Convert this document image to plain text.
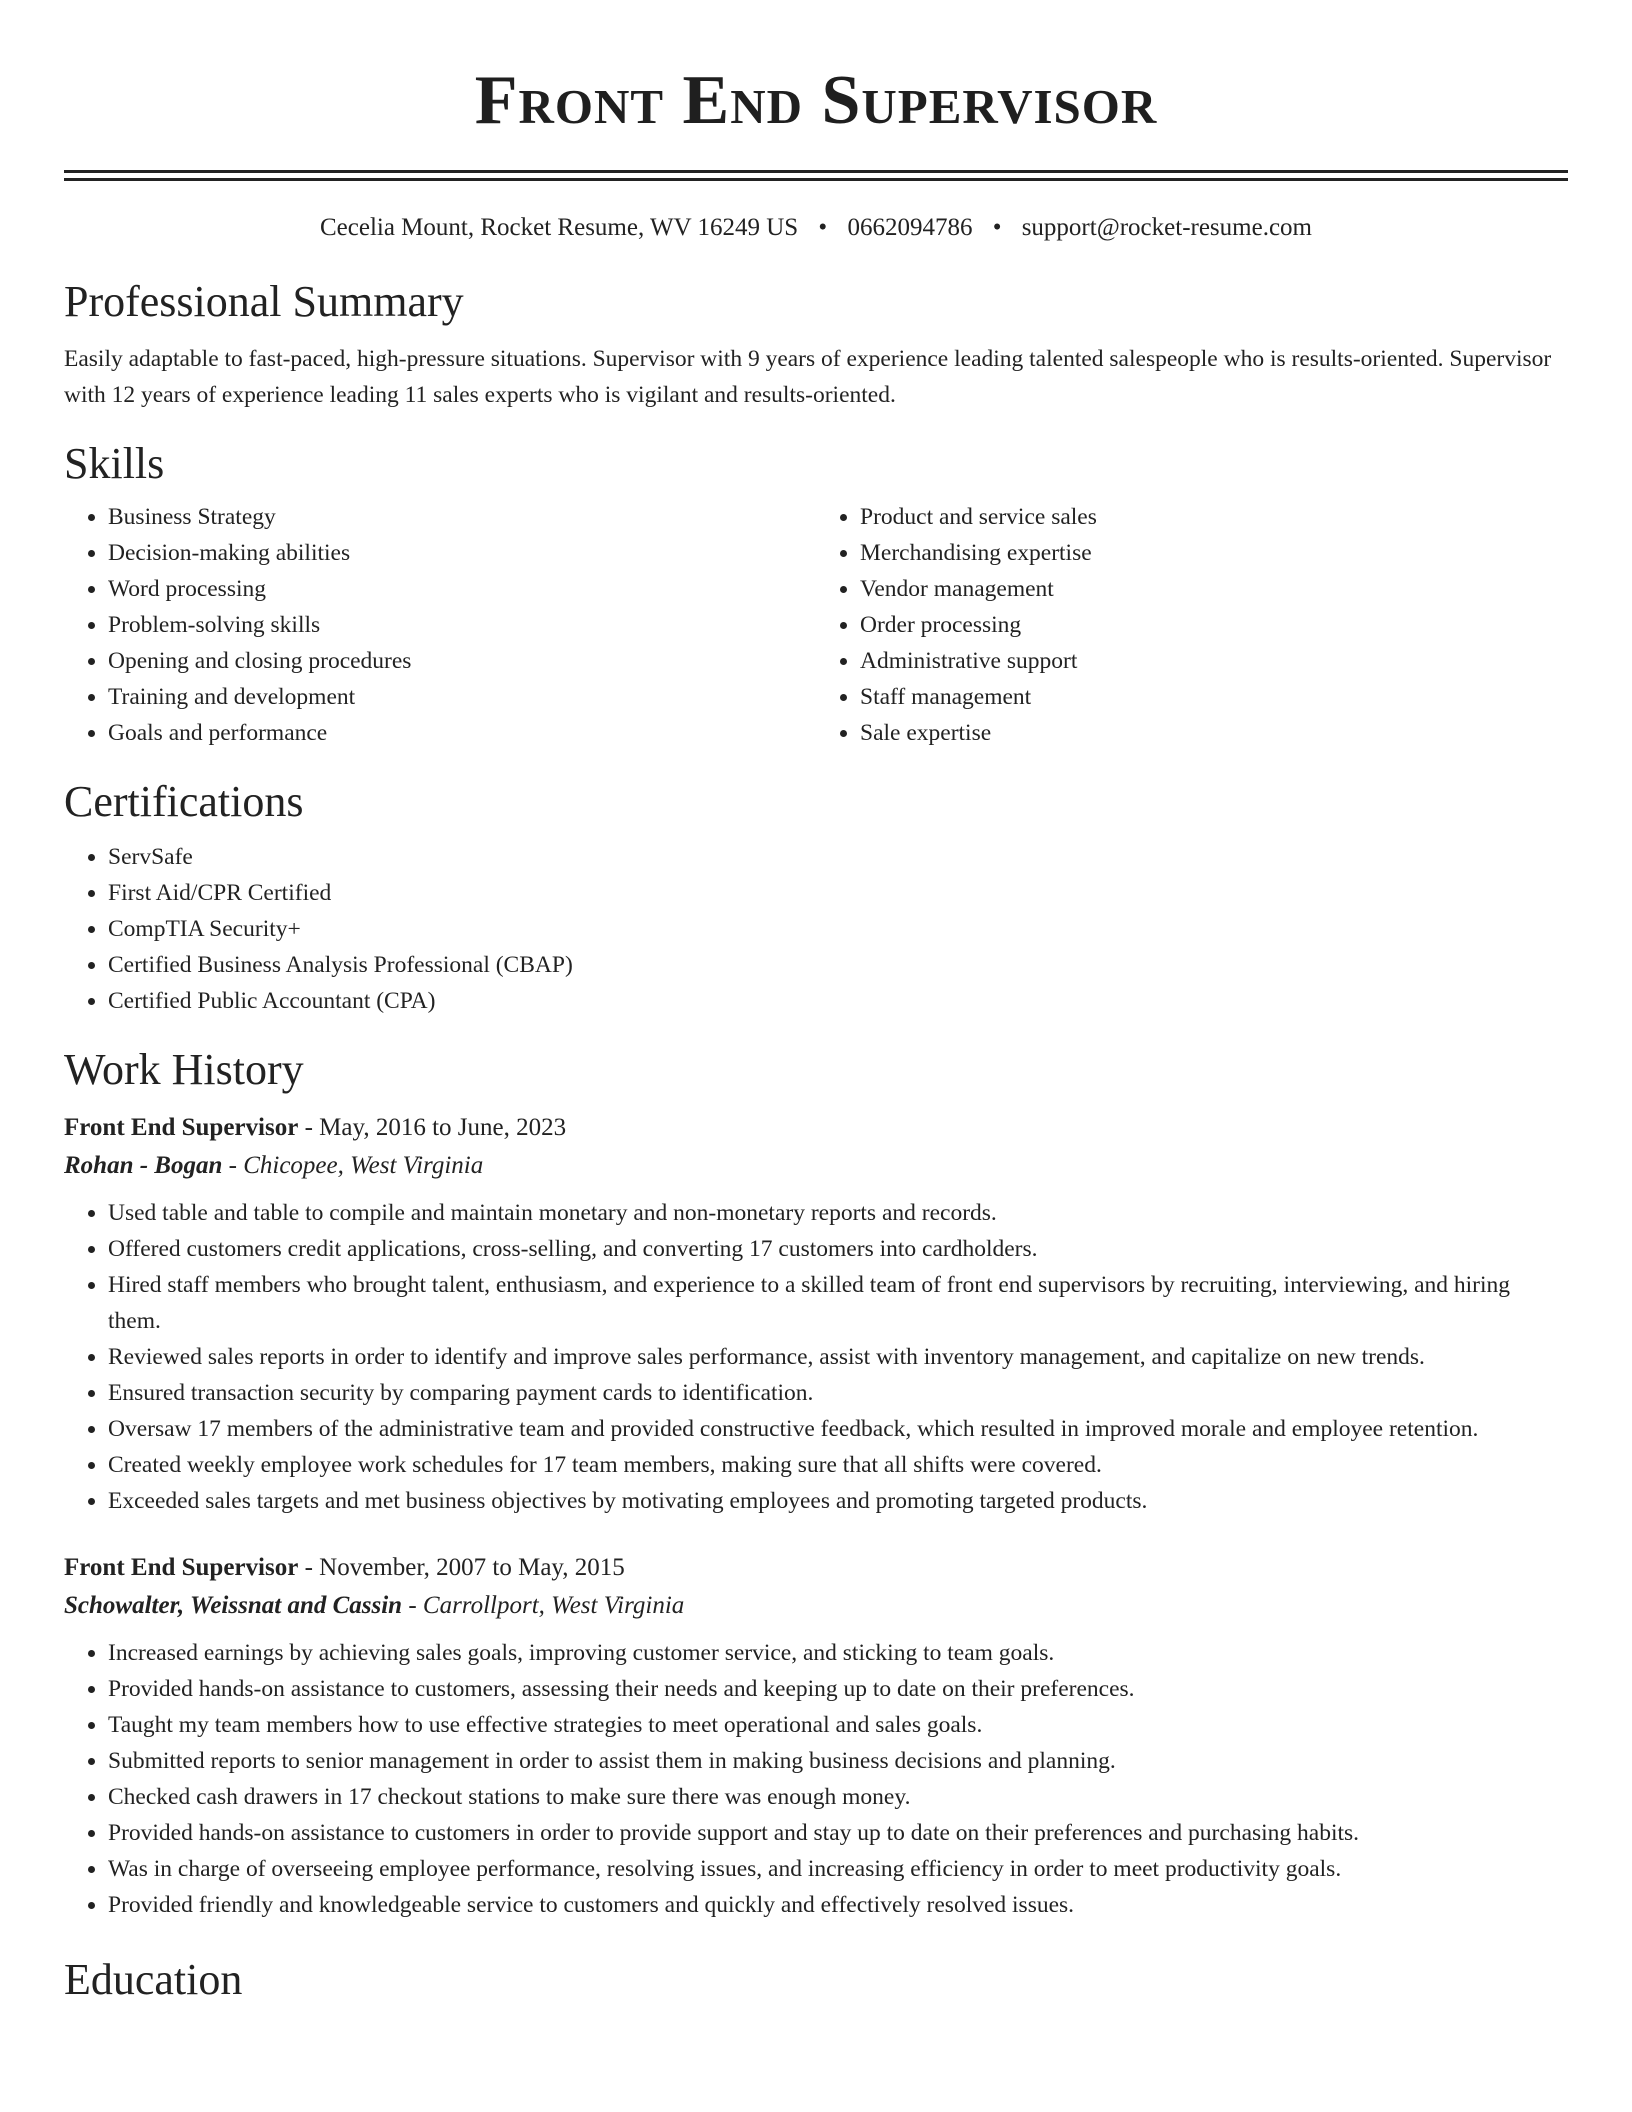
Front End Supervisor
Cecelia Mount, Rocket Resume, WV 16249 US • 0662094786 • support@rocket-resume.com
Professional Summary

Easily adaptable to fast-paced, high-pressure situations. Supervisor with 9 years of experience leading talented salespeople who is results-oriented. Supervisor with 12 years of experience leading 11 sales experts who is vigilant and results-oriented.

Skills
• Business Strategy
• Decision-making abilities
• Word processing
• Problem-solving skills
• Opening and closing procedures
• Training and development
• Goals and performance
• Product and service sales
• Merchandising expertise
• Vendor management
• Order processing
• Administrative support
• Staff management
• Sale expertise
Certifications
• ServSafe
• First Aid/CPR Certified
• CompTIA Security+
• Certified Business Analysis Professional (CBAP)
• Certified Public Accountant (CPA)
Work History
Front End Supervisor - May, 2016 to June, 2023
Rohan - Bogan - Chicopee, West Virginia
• Used table and table to compile and maintain monetary and non-monetary reports and records.
• Offered customers credit applications, cross-selling, and converting 17 customers into cardholders.
• Hired staff members who brought talent, enthusiasm, and experience to a skilled team of front end supervisors by recruiting, interviewing, and hiring them.
• Reviewed sales reports in order to identify and improve sales performance, assist with inventory management, and capitalize on new trends.
• Ensured transaction security by comparing payment cards to identification.
• Oversaw 17 members of the administrative team and provided constructive feedback, which resulted in improved morale and employee retention.
• Created weekly employee work schedules for 17 team members, making sure that all shifts were covered.
• Exceeded sales targets and met business objectives by motivating employees and promoting targeted products.
Front End Supervisor - November, 2007 to May, 2015
Schowalter, Weissnat and Cassin - Carrollport, West Virginia
• Increased earnings by achieving sales goals, improving customer service, and sticking to team goals.
• Provided hands-on assistance to customers, assessing their needs and keeping up to date on their preferences.
• Taught my team members how to use effective strategies to meet operational and sales goals.
• Submitted reports to senior management in order to assist them in making business decisions and planning.
• Checked cash drawers in 17 checkout stations to make sure there was enough money.
• Provided hands-on assistance to customers in order to provide support and stay up to date on their preferences and purchasing habits.
• Was in charge of overseeing employee performance, resolving issues, and increasing efficiency in order to meet productivity goals.
• Provided friendly and knowledgeable service to customers and quickly and effectively resolved issues.
Education
